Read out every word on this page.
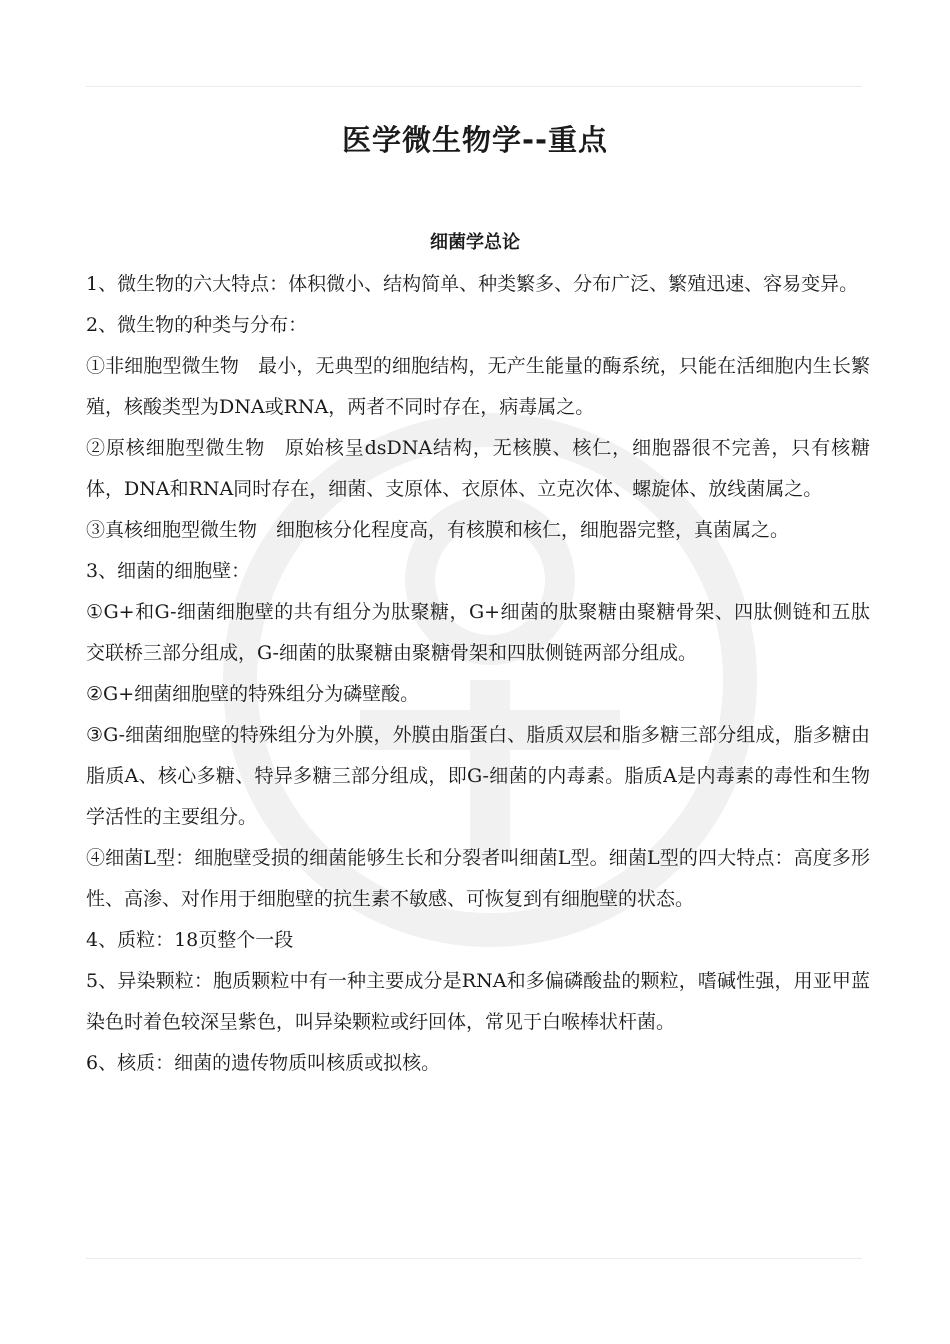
医学微生物学--重点
细菌学总论

1、微生物的六大特点：体积微小、结构简单、种类繁多、分布广泛、繁殖迅速、容易变异。

2、微生物的种类与分布：

①非细胞型微生物　最小，无典型的细胞结构，无产生能量的酶系统，只能在活细胞内生长繁殖，核酸类型为DNA或RNA，两者不同时存在，病毒属之。

②原核细胞型微生物　原始核呈dsDNA结构，无核膜、核仁，细胞器很不完善，只有核糖体，DNA和RNA同时存在，细菌、支原体、衣原体、立克次体、螺旋体、放线菌属之。

③真核细胞型微生物　细胞核分化程度高，有核膜和核仁，细胞器完整，真菌属之。

3、细菌的细胞壁：

①G+和G-细菌细胞壁的共有组分为肽聚糖，G+细菌的肽聚糖由聚糖骨架、四肽侧链和五肽交联桥三部分组成，G-细菌的肽聚糖由聚糖骨架和四肽侧链两部分组成。

②G+细菌细胞壁的特殊组分为磷壁酸。

③G-细菌细胞壁的特殊组分为外膜，外膜由脂蛋白、脂质双层和脂多糖三部分组成，脂多糖由脂质A、核心多糖、特异多糖三部分组成，即G-细菌的内毒素。脂质A是内毒素的毒性和生物学活性的主要组分。

④细菌L型：细胞壁受损的细菌能够生长和分裂者叫细菌L型。细菌L型的四大特点：高度多形性、高渗、对作用于细胞壁的抗生素不敏感、可恢复到有细胞壁的状态。

4、质粒：18页整个一段

5、异染颗粒：胞质颗粒中有一种主要成分是RNA和多偏磷酸盐的颗粒，嗜碱性强，用亚甲蓝染色时着色较深呈紫色，叫异染颗粒或纡回体，常见于白喉棒状杆菌。

6、核质：细菌的遗传物质叫核质或拟核。
